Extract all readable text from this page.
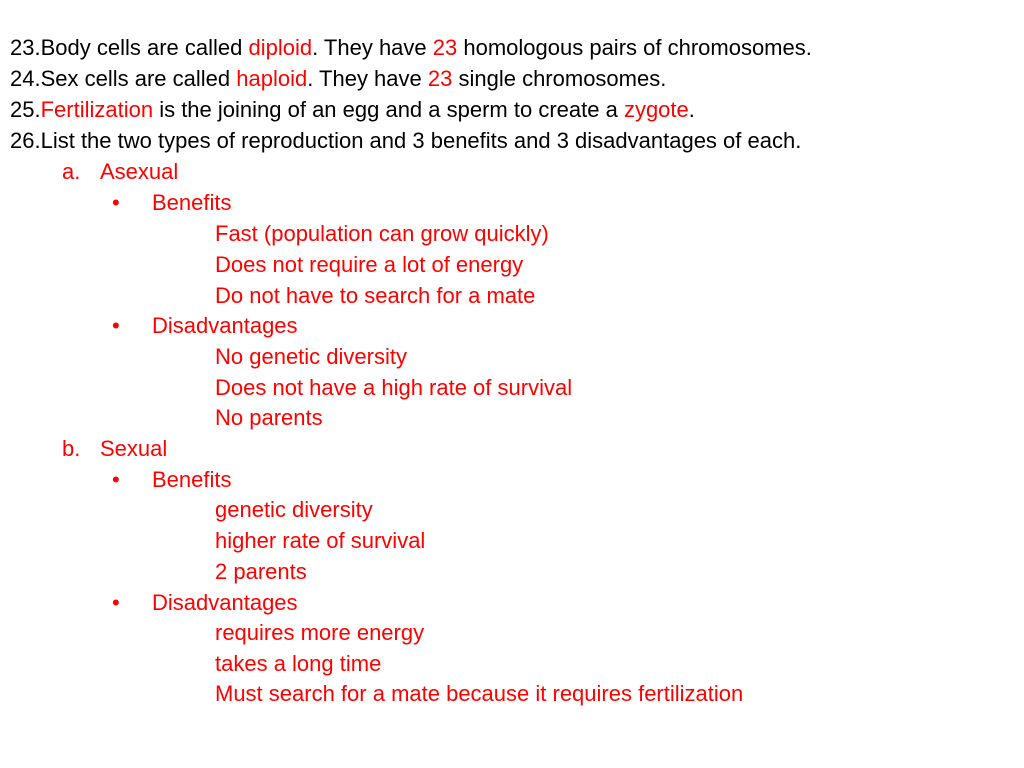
23.Body cells are called diploid. They have 23 homologous pairs of chromosomes.
24.Sex cells are called haploid. They have 23 single chromosomes.
25.Fertilization is the joining of an egg and a sperm to create a zygote.
26.List the two types of reproduction and 3 benefits and 3 disadvantages of each.
a. Asexual
• Benefits
Fast (population can grow quickly)
Does not require a lot of energy
Do not have to search for a mate
• Disadvantages
No genetic diversity
Does not have a high rate of survival
No parents
b. Sexual
• Benefits
genetic diversity
higher rate of survival
2 parents
• Disadvantages
requires more energy
takes a long time
Must search for a mate because it requires fertilization
